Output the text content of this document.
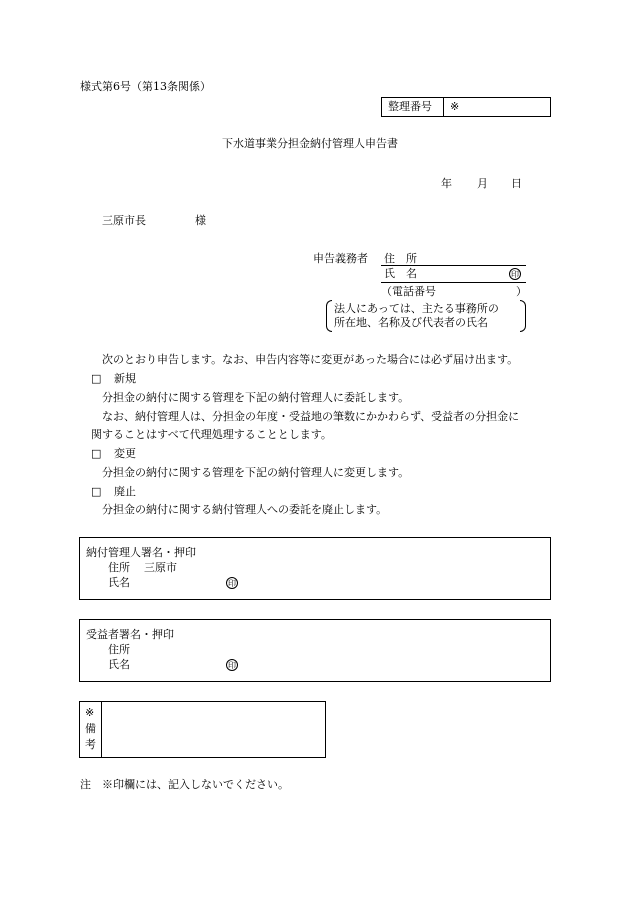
様式第6号（第13条関係）
整理番号 ※
下水道事業分担金納付管理人申告書
年 月 日
三原市長	様
申告義務者 住　所
氏　名	印
（電話番号	）
法人にあっては、主たる事務所の
所在地、名称及び代表者の氏名
次のとおり申告します。なお、申告内容等に変更があった場合には必ず届け出ます。
□ 新規
分担金の納付に関する管理を下記の納付管理人に委託します。
なお、納付管理人は、分担金の年度・受益地の筆数にかかわらず、受益者の分担金に
関することはすべて代理処理することとします。
□ 変更
分担金の納付に関する管理を下記の納付管理人に変更します。
□ 廃止
分担金の納付に関する納付管理人への委託を廃止します。
納付管理人署名・押印
住所 三原市
氏名	印
受益者署名・押印
住所
氏名	印
※
備
考
注　※印欄には、記入しないでください。
